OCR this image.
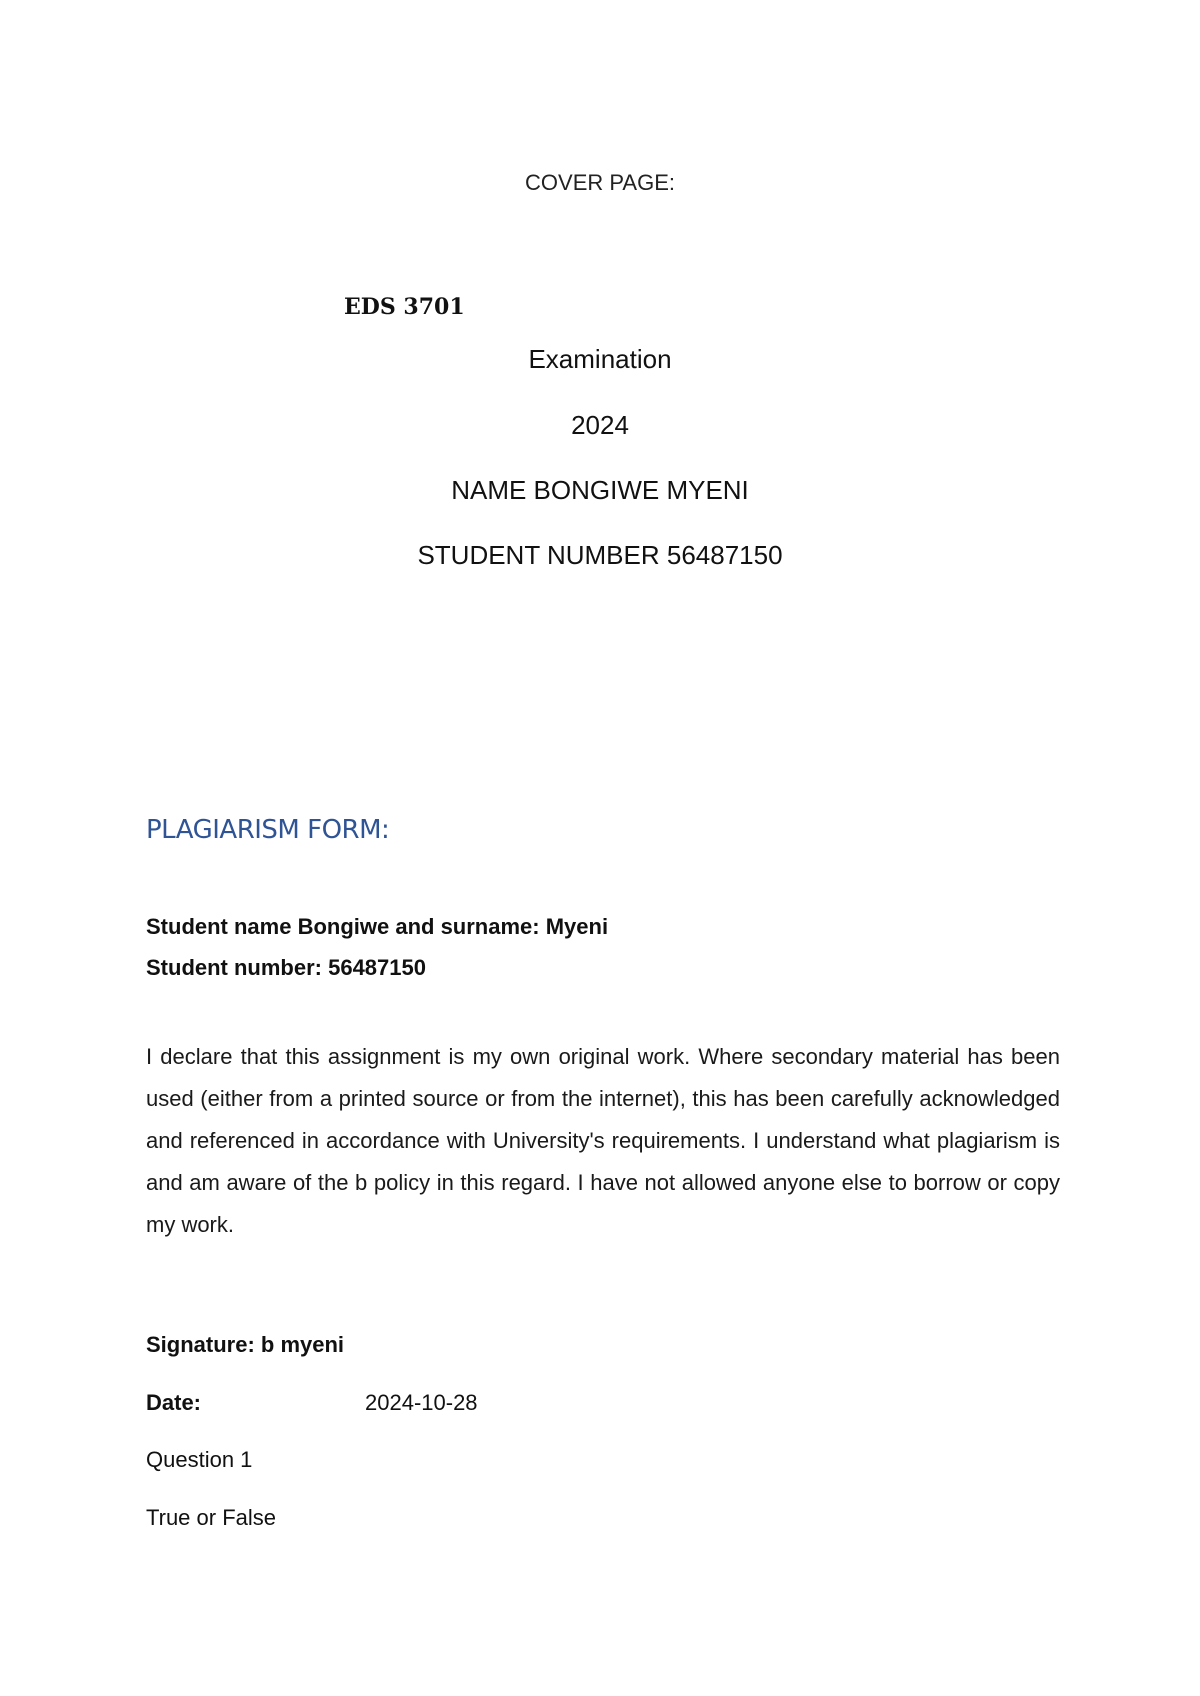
COVER PAGE:
EDS 3701
Examination
2024
NAME BONGIWE MYENI
STUDENT NUMBER 56487150
PLAGIARISM FORM:
Student name Bongiwe and surname: Myeni
Student number: 56487150

I declare that this assignment is my own original work. Where secondary material has been used (either from a printed source or from the internet), this has been carefully acknowledged and referenced in accordance with University's requirements. I understand what plagiarism is and am aware of the b policy in this regard. I have not allowed anyone else to borrow or copy my work.

Signature: b myeni
Date:	2024-10-28
Question 1
True or False
